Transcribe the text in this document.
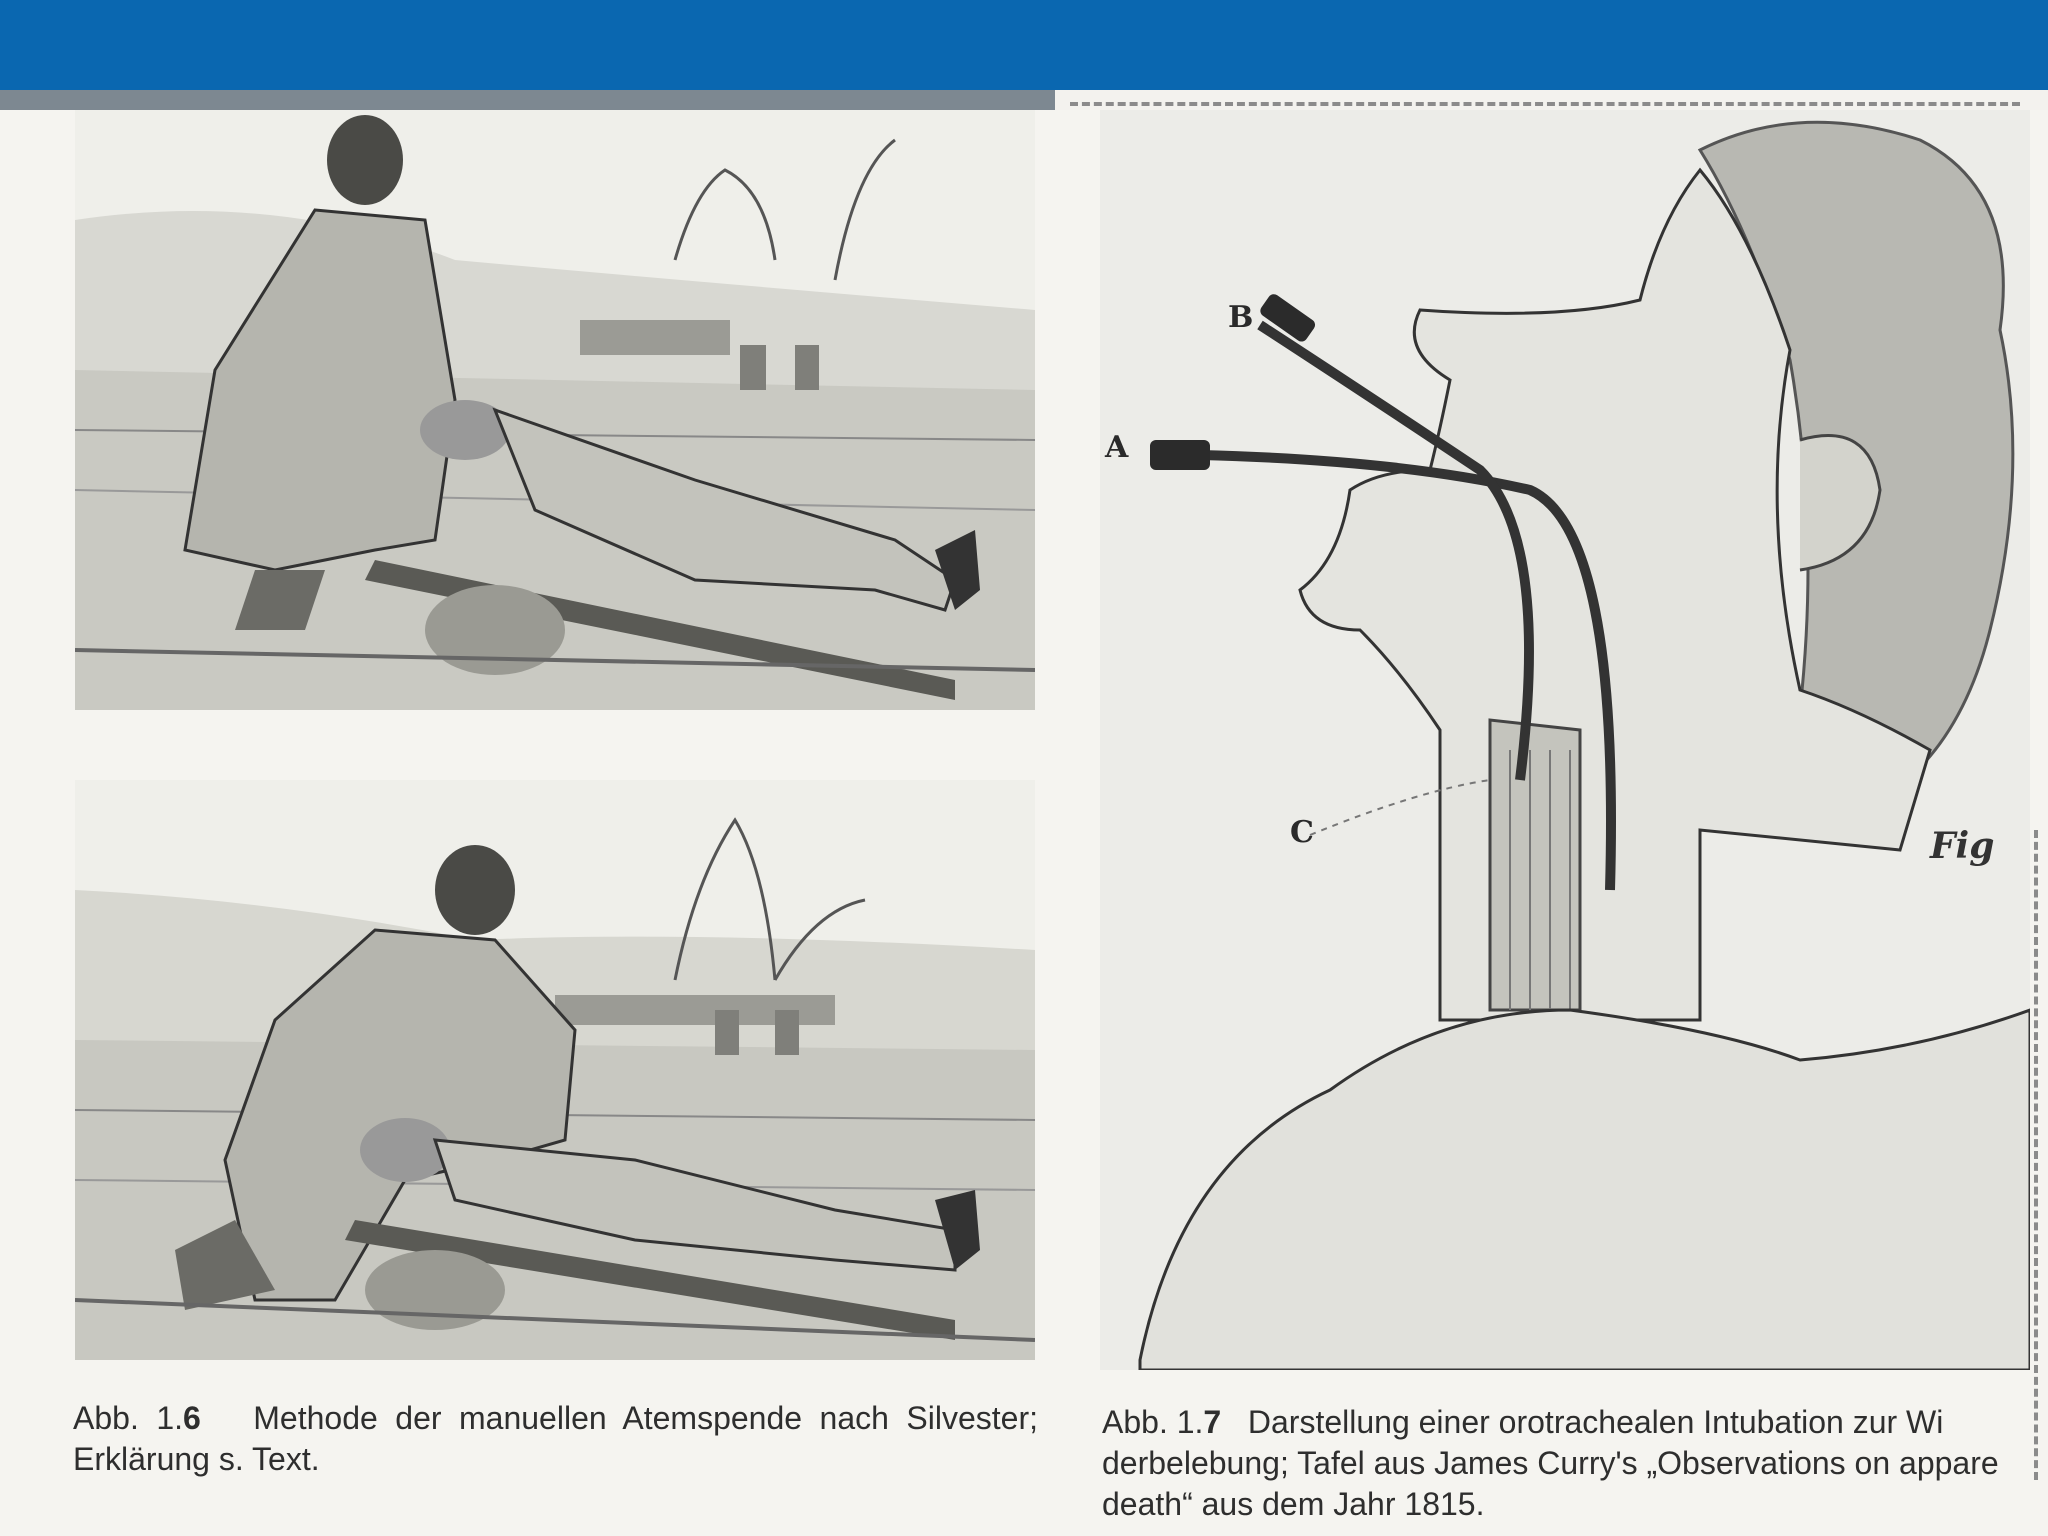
B
A
C	Fig
Abb. 1.6 Methode der manuellen Atemspende nach Silvester; Erklärung s. Text.
Abb. 1.7 Darstellung einer orotrachealen Intubation zur Wi
derbelebung; Tafel aus James Curry's „Observations on appare
death“ aus dem Jahr 1815.
